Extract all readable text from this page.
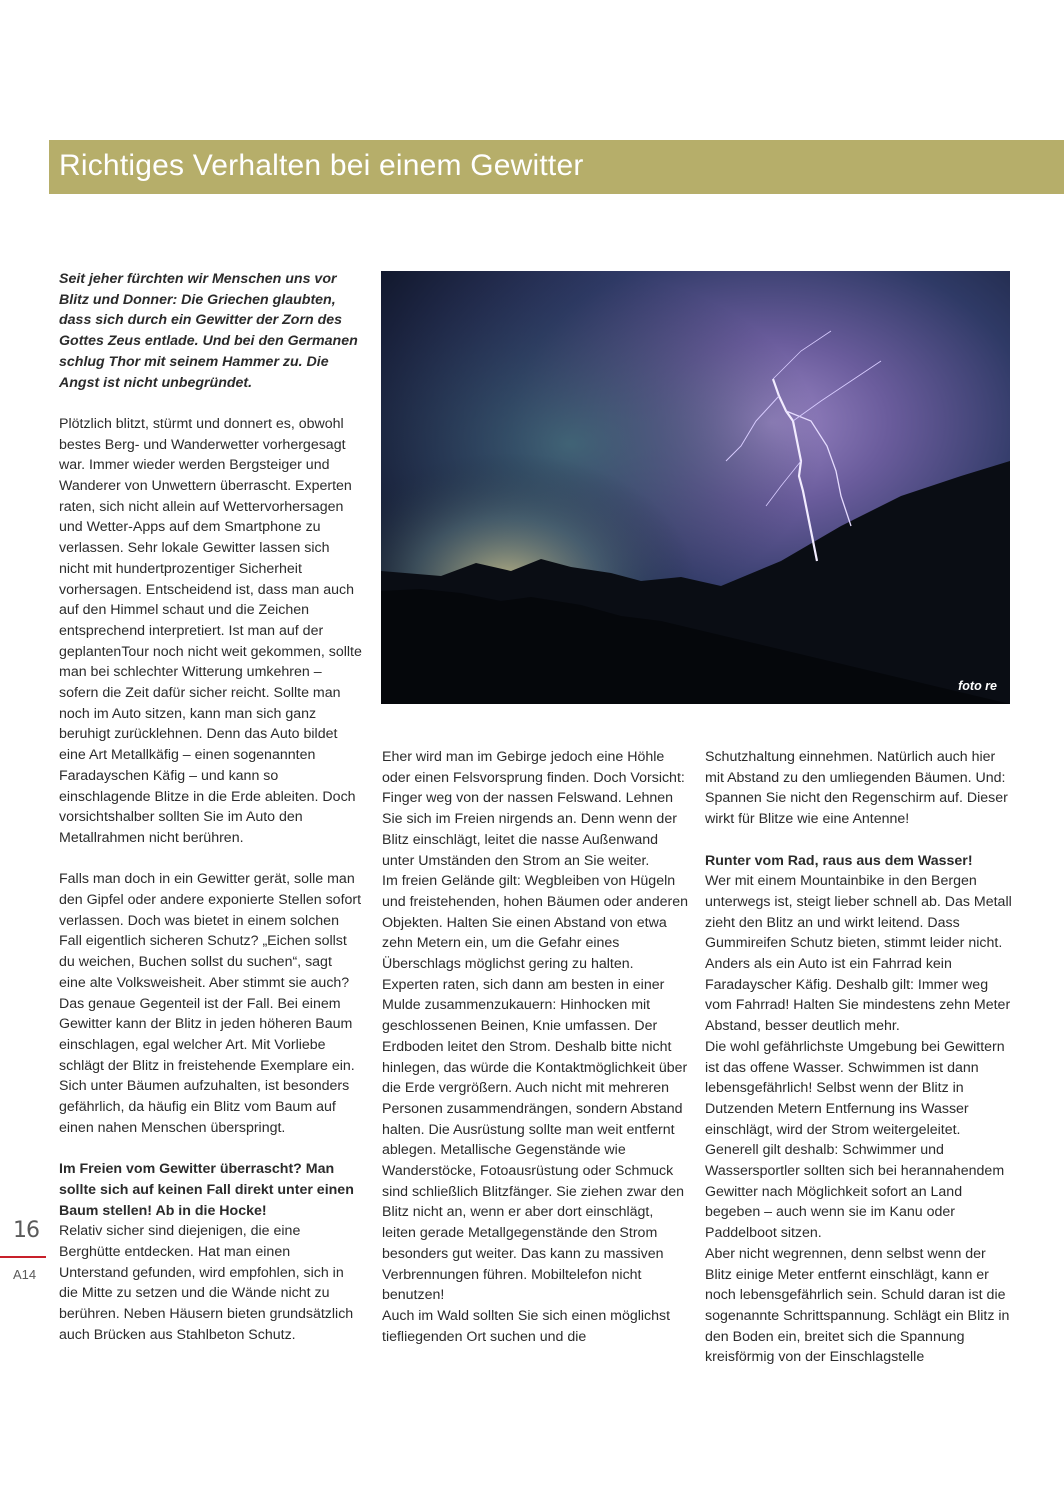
Richtiges Verhalten bei einem Gewitter

Seit jeher fürchten wir Menschen uns vor Blitz und Donner: Die Griechen glaubten, dass sich durch ein Gewitter der Zorn des Gottes Zeus entlade. Und bei den Germanen schlug Thor mit seinem Hammer zu. Die Angst ist nicht unbegründet.

Plötzlich blitzt, stürmt und donnert es, obwohl bestes Berg- und Wanderwetter vorhergesagt war. Immer wieder werden Bergsteiger und Wanderer von Unwettern überrascht. Experten raten, sich nicht allein auf Wettervorhersagen und Wetter-Apps auf dem Smartphone zu verlassen. Sehr lokale Gewitter lassen sich nicht mit hundertprozentiger Sicherheit vorhersagen. Entscheidend ist, dass man auch auf den Himmel schaut und die Zeichen entsprechend interpretiert. Ist man auf der geplantenTour noch nicht weit gekommen, sollte man bei schlechter Witterung umkehren – sofern die Zeit dafür sicher reicht. Sollte man noch im Auto sitzen, kann man sich ganz beruhigt zurücklehnen. Denn das Auto bildet eine Art Metallkäfig – einen sogenannten Faradayschen Käfig – und kann so einschlagende Blitze in die Erde ableiten. Doch vorsichtshalber sollten Sie im Auto den Metallrahmen nicht berühren.

Falls man doch in ein Gewitter gerät, solle man den Gipfel oder andere exponierte Stellen sofort verlassen. Doch was bietet in einem solchen Fall eigentlich sicheren Schutz? „Eichen sollst du weichen, Buchen sollst du suchen“, sagt eine alte Volksweisheit. Aber stimmt sie auch? Das genaue Gegenteil ist der Fall. Bei einem Gewitter kann der Blitz in jeden höheren Baum einschlagen, egal welcher Art. Mit Vorliebe schlägt der Blitz in freistehende Exemplare ein. Sich unter Bäumen aufzuhalten, ist besonders gefährlich, da häufig ein Blitz vom Baum auf einen nahen Menschen überspringt.

Im Freien vom Gewitter überrascht? Man sollte sich auf keinen Fall direkt unter einen Baum stellen! Ab in die Hocke!

Relativ sicher sind diejenigen, die eine Berghütte entdecken. Hat man einen Unterstand gefunden, wird empfohlen, sich in die Mitte zu setzen und die Wände nicht zu berühren. Neben Häusern bieten grundsätzlich auch Brücken aus Stahlbeton Schutz.

foto re

Eher wird man im Gebirge jedoch eine Höhle oder einen Felsvorsprung finden. Doch Vorsicht: Finger weg von der nassen Felswand. Lehnen Sie sich im Freien nirgends an. Denn wenn der Blitz einschlägt, leitet die nasse Außenwand unter Umständen den Strom an Sie weiter.

Im freien Gelände gilt: Wegbleiben von Hügeln und freistehenden, hohen Bäumen oder anderen Objekten. Halten Sie einen Abstand von etwa zehn Metern ein, um die Gefahr eines Überschlags möglichst gering zu halten.

Experten raten, sich dann am besten in einer Mulde zusammenzukauern: Hinhocken mit geschlossenen Beinen, Knie umfassen. Der Erdboden leitet den Strom. Deshalb bitte nicht hinlegen, das würde die Kontaktmöglichkeit über die Erde vergrößern. Auch nicht mit mehreren Personen zusammendrängen, sondern Abstand halten. Die Ausrüstung sollte man weit entfernt ablegen. Metallische Gegenstände wie Wanderstöcke, Fotoausrüstung oder Schmuck sind schließlich Blitzfänger. Sie ziehen zwar den Blitz nicht an, wenn er aber dort einschlägt, leiten gerade Metallgegenstände den Strom besonders gut weiter. Das kann zu massiven Verbrennungen führen. Mobiltelefon nicht benutzen!

Auch im Wald sollten Sie sich einen möglichst tiefliegenden Ort suchen und die

Schutzhaltung einnehmen. Natürlich auch hier mit Abstand zu den umliegenden Bäumen. Und: Spannen Sie nicht den Regenschirm auf. Dieser wirkt für Blitze wie eine Antenne!

Runter vom Rad, raus aus dem Wasser!

Wer mit einem Mountainbike in den Bergen unterwegs ist, steigt lieber schnell ab. Das Metall zieht den Blitz an und wirkt leitend. Dass Gummireifen Schutz bieten, stimmt leider nicht. Anders als ein Auto ist ein Fahrrad kein Faradayscher Käfig. Deshalb gilt: Immer weg vom Fahrrad! Halten Sie mindestens zehn Meter Abstand, besser deutlich mehr.

Die wohl gefährlichste Umgebung bei Gewittern ist das offene Wasser. Schwimmen ist dann lebensgefährlich! Selbst wenn der Blitz in Dutzenden Metern Entfernung ins Wasser einschlägt, wird der Strom weitergeleitet. Generell gilt deshalb: Schwimmer und Wassersportler sollten sich bei herannahendem Gewitter nach Möglichkeit sofort an Land begeben – auch wenn sie im Kanu oder Paddelboot sitzen.

Aber nicht wegrennen, denn selbst wenn der Blitz einige Meter entfernt einschlägt, kann er noch lebensgefährlich sein. Schuld daran ist die sogenannte Schrittspannung. Schlägt ein Blitz in den Boden ein, breitet sich die Spannung kreisförmig von der Einschlagstelle

16
A14
